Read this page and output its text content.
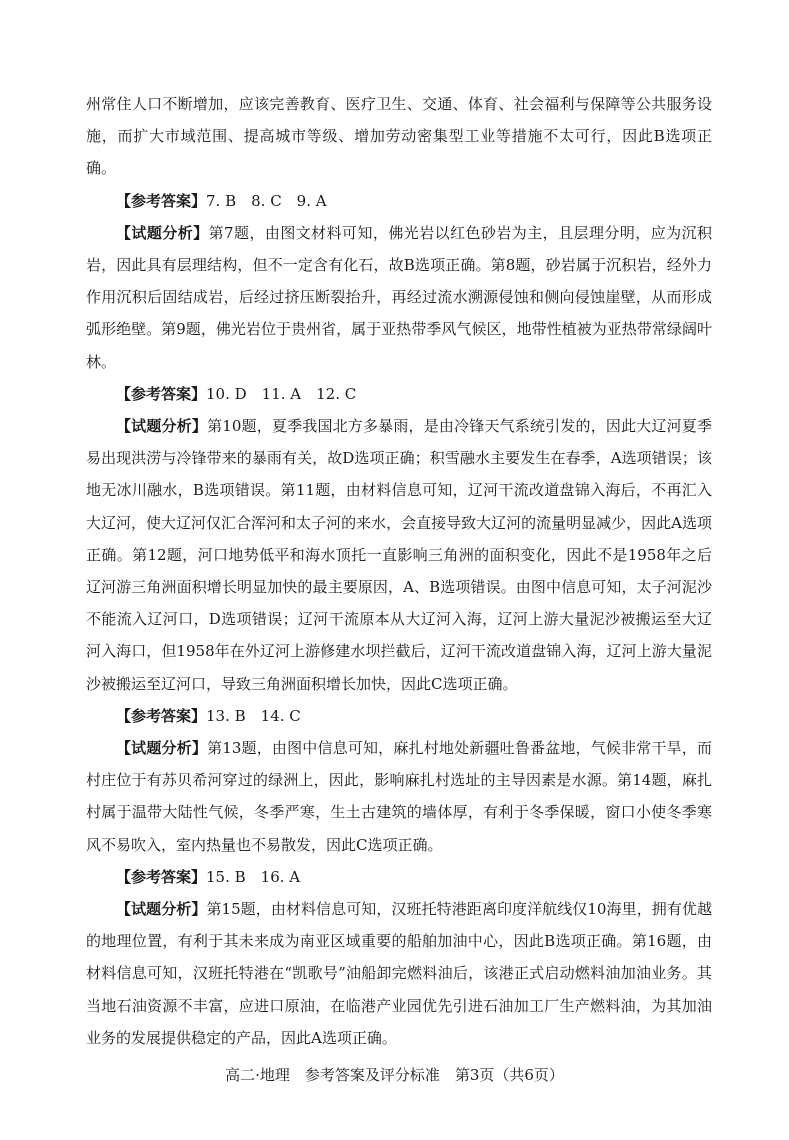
州常住人口不断增加，应该完善教育、医疗卫生、交通、体育、社会福利与保障等公共服务设施，而扩大市域范围、提高城市等级、增加劳动密集型工业等措施不太可行，因此B选项正确。

【参考答案】7. B　8. C　9. A

【试题分析】第7题，由图文材料可知，佛光岩以红色砂岩为主，且层理分明，应为沉积岩，因此具有层理结构，但不一定含有化石，故B选项正确。第8题，砂岩属于沉积岩，经外力作用沉积后固结成岩，后经过挤压断裂抬升，再经过流水溯源侵蚀和侧向侵蚀崖壁，从而形成弧形绝壁。第9题，佛光岩位于贵州省，属于亚热带季风气候区，地带性植被为亚热带常绿阔叶林。

【参考答案】10. D　11. A　12. C

【试题分析】第10题，夏季我国北方多暴雨，是由冷锋天气系统引发的，因此大辽河夏季易出现洪涝与冷锋带来的暴雨有关，故D选项正确；积雪融水主要发生在春季，A选项错误；该地无冰川融水，B选项错误。第11题，由材料信息可知，辽河干流改道盘锦入海后，不再汇入大辽河，使大辽河仅汇合浑河和太子河的来水，会直接导致大辽河的流量明显减少，因此A选项正确。第12题，河口地势低平和海水顶托一直影响三角洲的面积变化，因此不是1958年之后辽河游三角洲面积增长明显加快的最主要原因，A、B选项错误。由图中信息可知，太子河泥沙不能流入辽河口，D选项错误；辽河干流原本从大辽河入海，辽河上游大量泥沙被搬运至大辽河入海口，但1958年在外辽河上游修建水坝拦截后，辽河干流改道盘锦入海，辽河上游大量泥沙被搬运至辽河口，导致三角洲面积增长加快，因此C选项正确。

【参考答案】13. B　14. C

【试题分析】第13题，由图中信息可知，麻扎村地处新疆吐鲁番盆地，气候非常干旱，而村庄位于有苏贝希河穿过的绿洲上，因此，影响麻扎村选址的主导因素是水源。第14题，麻扎村属于温带大陆性气候，冬季严寒，生土古建筑的墙体厚，有利于冬季保暖，窗口小使冬季寒风不易吹入，室内热量也不易散发，因此C选项正确。

【参考答案】15. B　16. A

【试题分析】第15题，由材料信息可知，汉班托特港距离印度洋航线仅10海里，拥有优越的地理位置，有利于其未来成为南亚区域重要的船舶加油中心，因此B选项正确。第16题，由材料信息可知，汉班托特港在“凯歌号”油船卸完燃料油后，该港正式启动燃料油加油业务。其当地石油资源不丰富，应进口原油，在临港产业园优先引进石油加工厂生产燃料油，为其加油业务的发展提供稳定的产品，因此A选项正确。

高二·地理　参考答案及评分标准　第3页（共6页）
